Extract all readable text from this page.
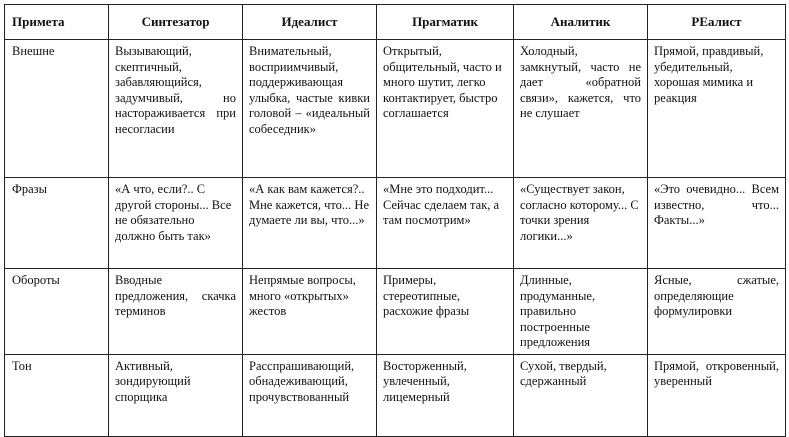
Примета	Синтезатор	Идеалист	Прагматик	Аналитик	РЕалист
Внешне	Вызывающий, скептичный, забавляющийся, задумчивый, но настораживается при несогласии	Внимательный, восприимчивый, поддерживающая улыбка, частые кивки головой – «идеальный собеседник»	Открытый, общительный, часто и много шутит, легко контактирует, быстро соглашается	Холодный, замкнутый, часто не дает «обратной связи», кажется, что не слушает	Прямой, правдивый, убедительный, хорошая мимика и реакция
Фразы	«А что, если?.. С другой стороны... Все не обязательно должно быть так»	«А как вам кажется?.. Мне кажется, что... Не думаете ли вы, что...»	«Мне это подходит... Сейчас сделаем так, а там посмотрим»	«Существует закон, согласно которому... С точки зрения логики...»	«Это очевидно... Всем известно, что... Факты...»
Обороты	Вводные предложения, скачка терминов	Непрямые вопросы, много «открытых» жестов	Примеры, стереотипные, расхожие фразы	Длинные, продуманные, правильно построенные предложения	Ясные, сжатые, определяющие формулировки
Тон	Активный, зондирующий спорщика	Расспрашивающий, обнадеживающий, прочувствованный	Восторженный, увлеченный, лицемерный	Сухой, твердый, сдержанный	Прямой, откровенный, уверенный
